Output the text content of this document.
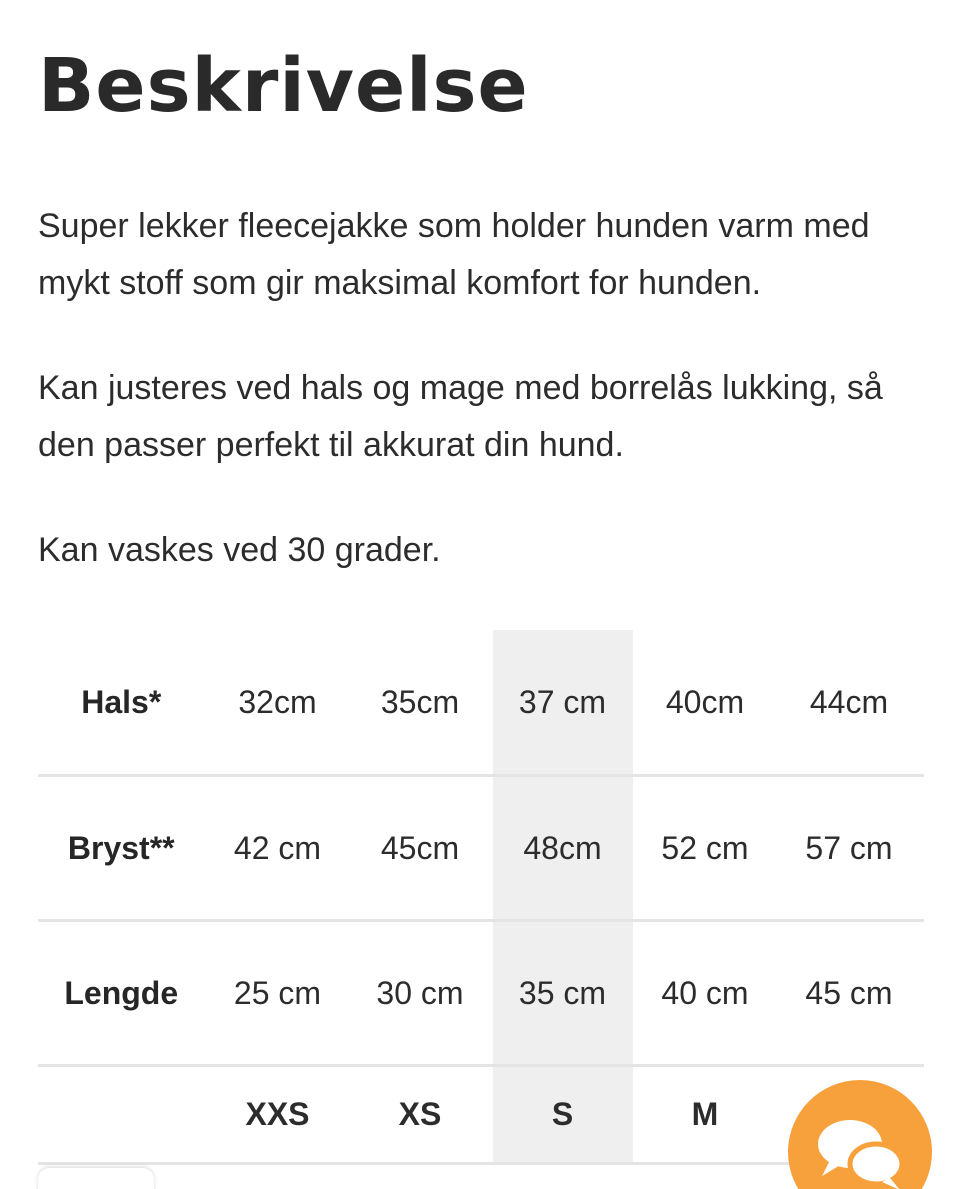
Beskrivelse

Super lekker fleecejakke som holder hunden varm med mykt stoff som gir maksimal komfort for hunden.

Kan justeres ved hals og mage med borrelås lukking, så den passer perfekt til akkurat din hund.

Kan vaskes ved 30 grader.

Hals*	32cm	35cm	37 cm	40cm	44cm
Bryst**	42 cm	45cm	48cm	52 cm	57 cm
Lengde	25 cm	30 cm	35 cm	40 cm	45 cm
	XXS	XS	S	M	
